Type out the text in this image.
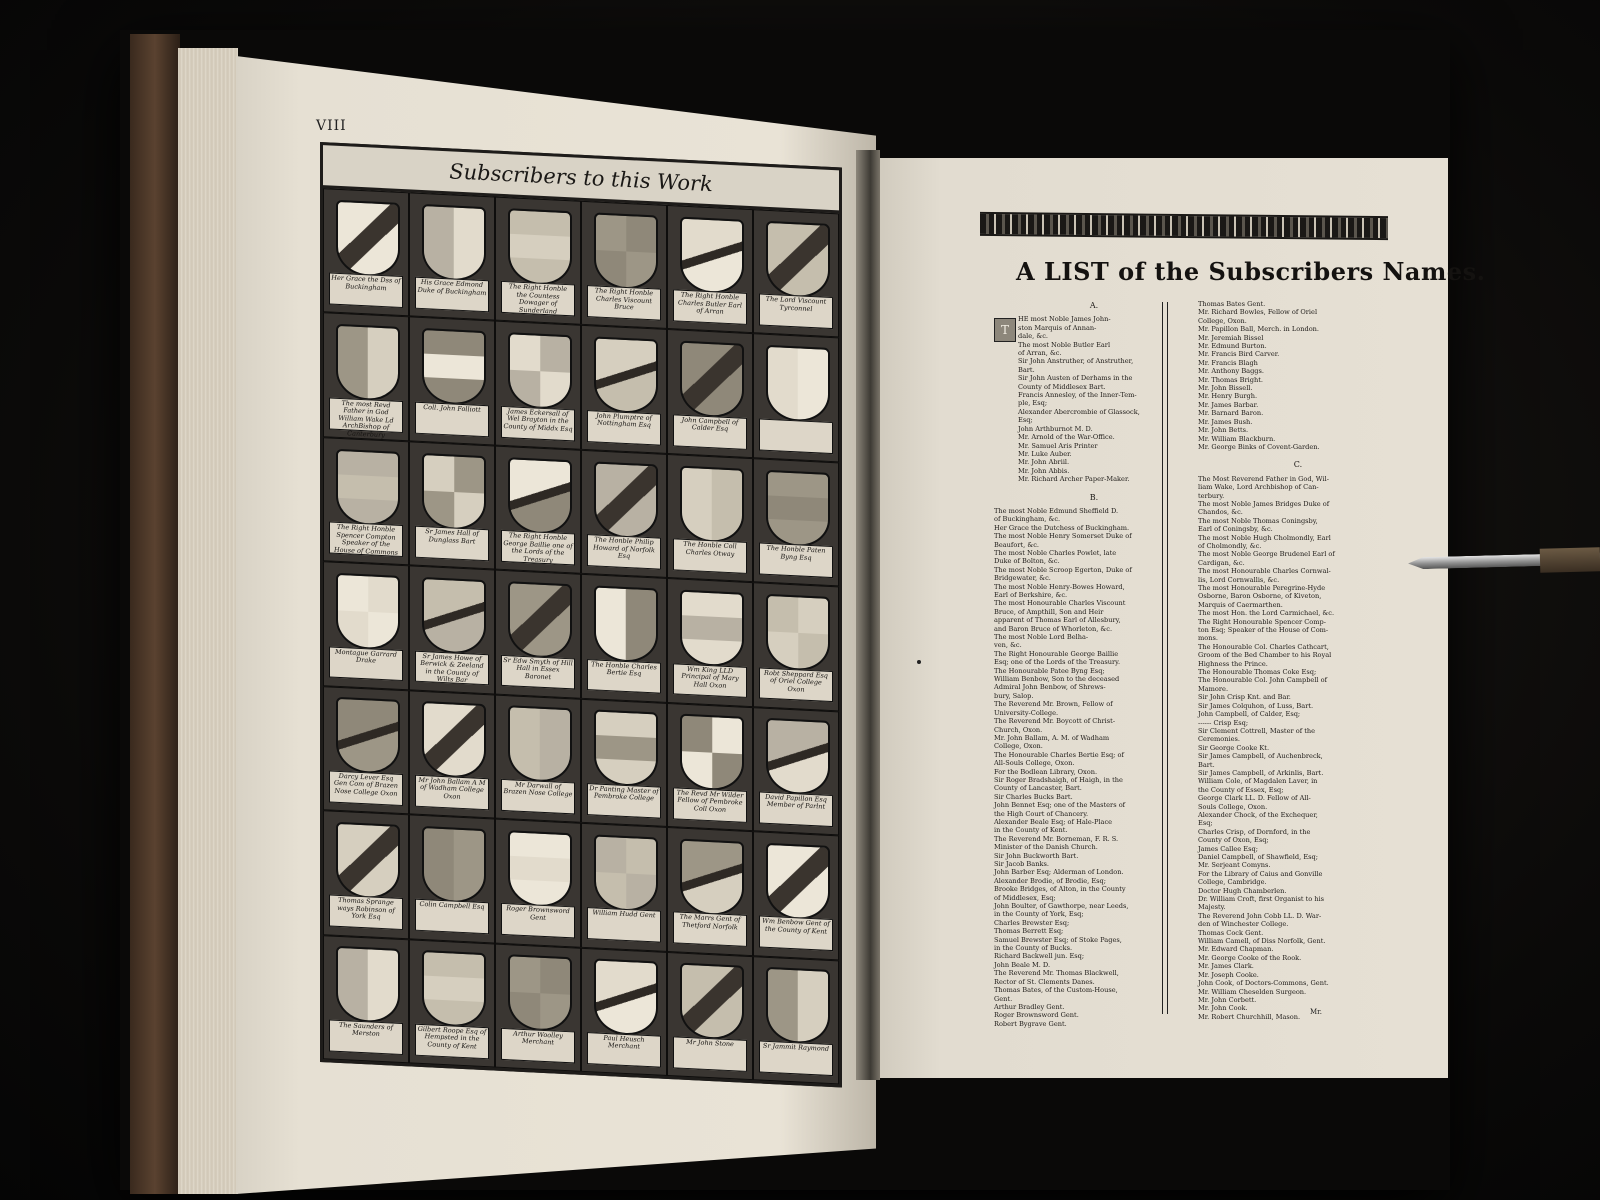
VIII
Subscribers to this Work
Her Grace the Dss of Buckingham	His Grace Edmond Duke of Buckingham	The Right Honble the Countess Dowager of Sunderland
The Right Honble Charles Viscount Bruce
The Right Honble Charles Butler Earl of Arran
The Lord Viscount Tyrconnel
The most Revd Father in God William Wake Ld ArchBishop of Canterbury
Coll. John Folliott	James Eckersall of Wel Brayton in the County of Middx Esq
John Plumptre of Nottingham Esq	John Campbell of Calder Esq
The Right Honble Spencer Compton Speaker of the House of Commons
Sr James Hall of Dunglass Bart	The Right Honble George Baillie one of the Lords of the Treasury
The Honble Philip Howard of Norfolk Esq
The Honble Coll Charles Otway	The Honble Paten Byng Esq
Montague Garrard Drake	Sr James Howe of Berwick & Zeeland in the County of Wilts Bar
Sr Edw Smyth of Hill Hall in Essex Baronet
The Honble Charles Bertie Esq	Wm King LLD Principal of Mary Hall Oxon
Robt Sheppard Esq of Oriel College Oxon
Darcy Lever Esq Gen Com of Brazen Nose College Oxon
Mr John Ballam A M of Wadham College Oxon
Mr Darwall of Brazen Nose College	Dr Panting Master of Pembroke College	The Revd Mr Wilder Fellow of Pembroke Coll Oxon
David Papillon Esq Member of Parlnt
Thomas Sprange ways Robinson of York Esq
Colin Campbell Esq	Roger Brownsword Gent	William Hudd Gent	The Marrs Gent of Thetford Norfolk	Wm Benbow Gent of the County of Kent
The Saunders of Merston	Gilbert Roope Esq of Hempsted in the County of Kent
Arthur Woolley Merchant	Paul Heusch Merchant	Mr John Stone	Sr Jammit Raymond
A LIST of the Subscribers Names.
T
A.
HE most Noble James John-
ston Marquis of Annan-
dale, &c.
The most Noble Butler Earl
of Arran, &c.
Sir John Anstruther, of Anstruther,
Bart.
Sir John Austen of Derhams in the
County of Middlesex Bart.
Francis Annesley, of the Inner-Tem-
ple, Esq;
Alexander Abercrombie of Glassock,
Esq;
John Arthburnot M. D.
Mr. Arnold of the War-Office.
Mr. Samuel Aris Printer
Mr. Luke Auber.
Mr. John Abriil.
Mr. John Abbis.
Mr. Richard Archer Paper-Maker.
B.
The most Noble Edmund Sheffield D.
of Buckingham, &c.
Her Grace the Dutchess of Buckingham.
The most Noble Henry Somerset Duke of
Beaufort, &c.
The most Noble Charles Powlet, late
Duke of Bolton, &c.
The most Noble Scroop Egerton, Duke of
Bridgewater, &c.
The most Noble Henry-Bowes Howard,
Earl of Berkshire, &c.
The most Honourable Charles Viscount
Bruce, of Ampthill, Son and Heir
apparent of Thomas Earl of Allesbury,
and Baron Bruce of Whorleton, &c.
The most Noble Lord Belha-
ven, &c.
The Right Honourable George Baillie
Esq; one of the Lords of the Treasury.
The Honourable Patee Byng Esq;
William Benbow, Son to the deceased
Admiral John Benbow, of Shrews-
bury, Salop.
The Reverend Mr. Brown, Fellow of
University-College.
The Reverend Mr. Boycott of Christ-
Church, Oxon.
Mr. John Ballam, A. M. of Wadham
College, Oxon.
The Honourable Charles Bertie Esq; of
All-Souls College, Oxon.
For the Bodlean Library, Oxon.
Sir Roger Bradshaigh, of Haigh, in the
County of Lancaster, Bart.
Sir Charles Bucks Bart.
John Bennet Esq; one of the Masters of
the High Court of Chancery.
Alexander Beale Esq; of Hale-Place
in the County of Kent.
The Reverend Mr. Borneman, F. R. S.
Minister of the Danish Church.
Sir John Buckworth Bart.
Sir Jacob Banks.
John Barber Esq; Alderman of London.
Alexander Brodie, of Brodie, Esq;
Brooke Bridges, of Alton, in the County
of Middlesex, Esq;
John Boulter, of Gawthorpe, near Leeds,
in the County of York, Esq;
Charles Brewster Esq;
Thomas Berrett Esq;
Samuel Brewster Esq; of Stoke Pages,
in the County of Bucks.
Richard Backwell jun. Esq;
John Beale M. D.
The Reverend Mr. Thomas Blackwell,
Rector of St. Clements Danes.
Thomas Bates, of the Custom-House,
Gent.
Arthur Bradley Gent.
Roger Brownsword Gent.
Robert Bygrave Gent.
Thomas Bates Gent.
Mr. Richard Bowles, Fellow of Oriel
College, Oxon.
Mr. Papillon Ball, Merch. in London.
Mr. Jeremiah Bissel
Mr. Edmund Burton.
Mr. Francis Bird Carver.
Mr. Francis Blagh
Mr. Anthony Baggs.
Mr. Thomas Bright.
Mr. John Bissell.
Mr. Henry Burgh.
Mr. James Barbar.
Mr. Barnard Baron.
Mr. James Bush.
Mr. John Betts.
Mr. William Blackburn.
Mr. George Binks of Covent-Garden.
C.
The Most Reverend Father in God, Wil-
liam Wake, Lord Archbishop of Can-
terbury.
The most Noble James Bridges Duke of
Chandos, &c.
The most Noble Thomas Coningsby,
Earl of Coningsby, &c.
The most Noble Hugh Cholmondly, Earl
of Cholmondly, &c.
The most Noble George Brudenel Earl of
Cardigan, &c.
The most Honourable Charles Cornwal-
lis, Lord Cornwallis, &c.
The most Honourable Peregrine-Hyde
Osborne, Baron Osborne, of Kiveton,
Marquis of Caermarthen.
The most Hon. the Lord Carmichael, &c.
The Right Honourable Spencer Comp-
ton Esq; Speaker of the House of Com-
mons.
The Honourable Col. Charles Cathcart,
Groom of the Bed Chamber to his Royal
Highness the Prince.
The Honourable Thomas Coke Esq;
The Honourable Col. John Campbell of
Mamore.
Sir John Crisp Knt. and Bar.
Sir James Colquhon, of Luss, Bart.
John Campbell, of Calder, Esq;
------ Crisp Esq;
Sir Clement Cottrell, Master of the
Ceremonies.
Sir George Cooke Kt.
Sir James Campbell, of Auchenbreck,
Bart.
Sir James Campbell, of Arkinlis, Bart.
William Cole, of Magdalen Laver, in
the County of Essex, Esq;
George Clark LL. D. Fellow of All-
Souls College, Oxon.
Alexander Chock, of the Exchequer,
Esq;
Charles Crisp, of Dornford, in the
County of Oxon, Esq;
James Callee Esq;
Daniel Campbell, of Shawfield, Esq;
Mr. Serjeant Comyns.
For the Library of Caius and Gonville
College, Cambridge.
Doctor Hugh Chamberlen.
Dr. William Croft, first Organist to his
Majesty.
The Reverend John Cobb LL. D. War-
den of Winchester College.
Thomas Cock Gent.
William Camell, of Diss Norfolk, Gent.
Mr. Edward Chapman.
Mr. George Cooke of the Rook.
Mr. James Clark.
Mr. Joseph Cooke.
John Cook, of Doctors-Commons, Gent.
Mr. William Cheselden Surgeon.
Mr. John Corbett.
Mr. John Cook.
Mr. Robert Churchhill, Mason.
Mr.
